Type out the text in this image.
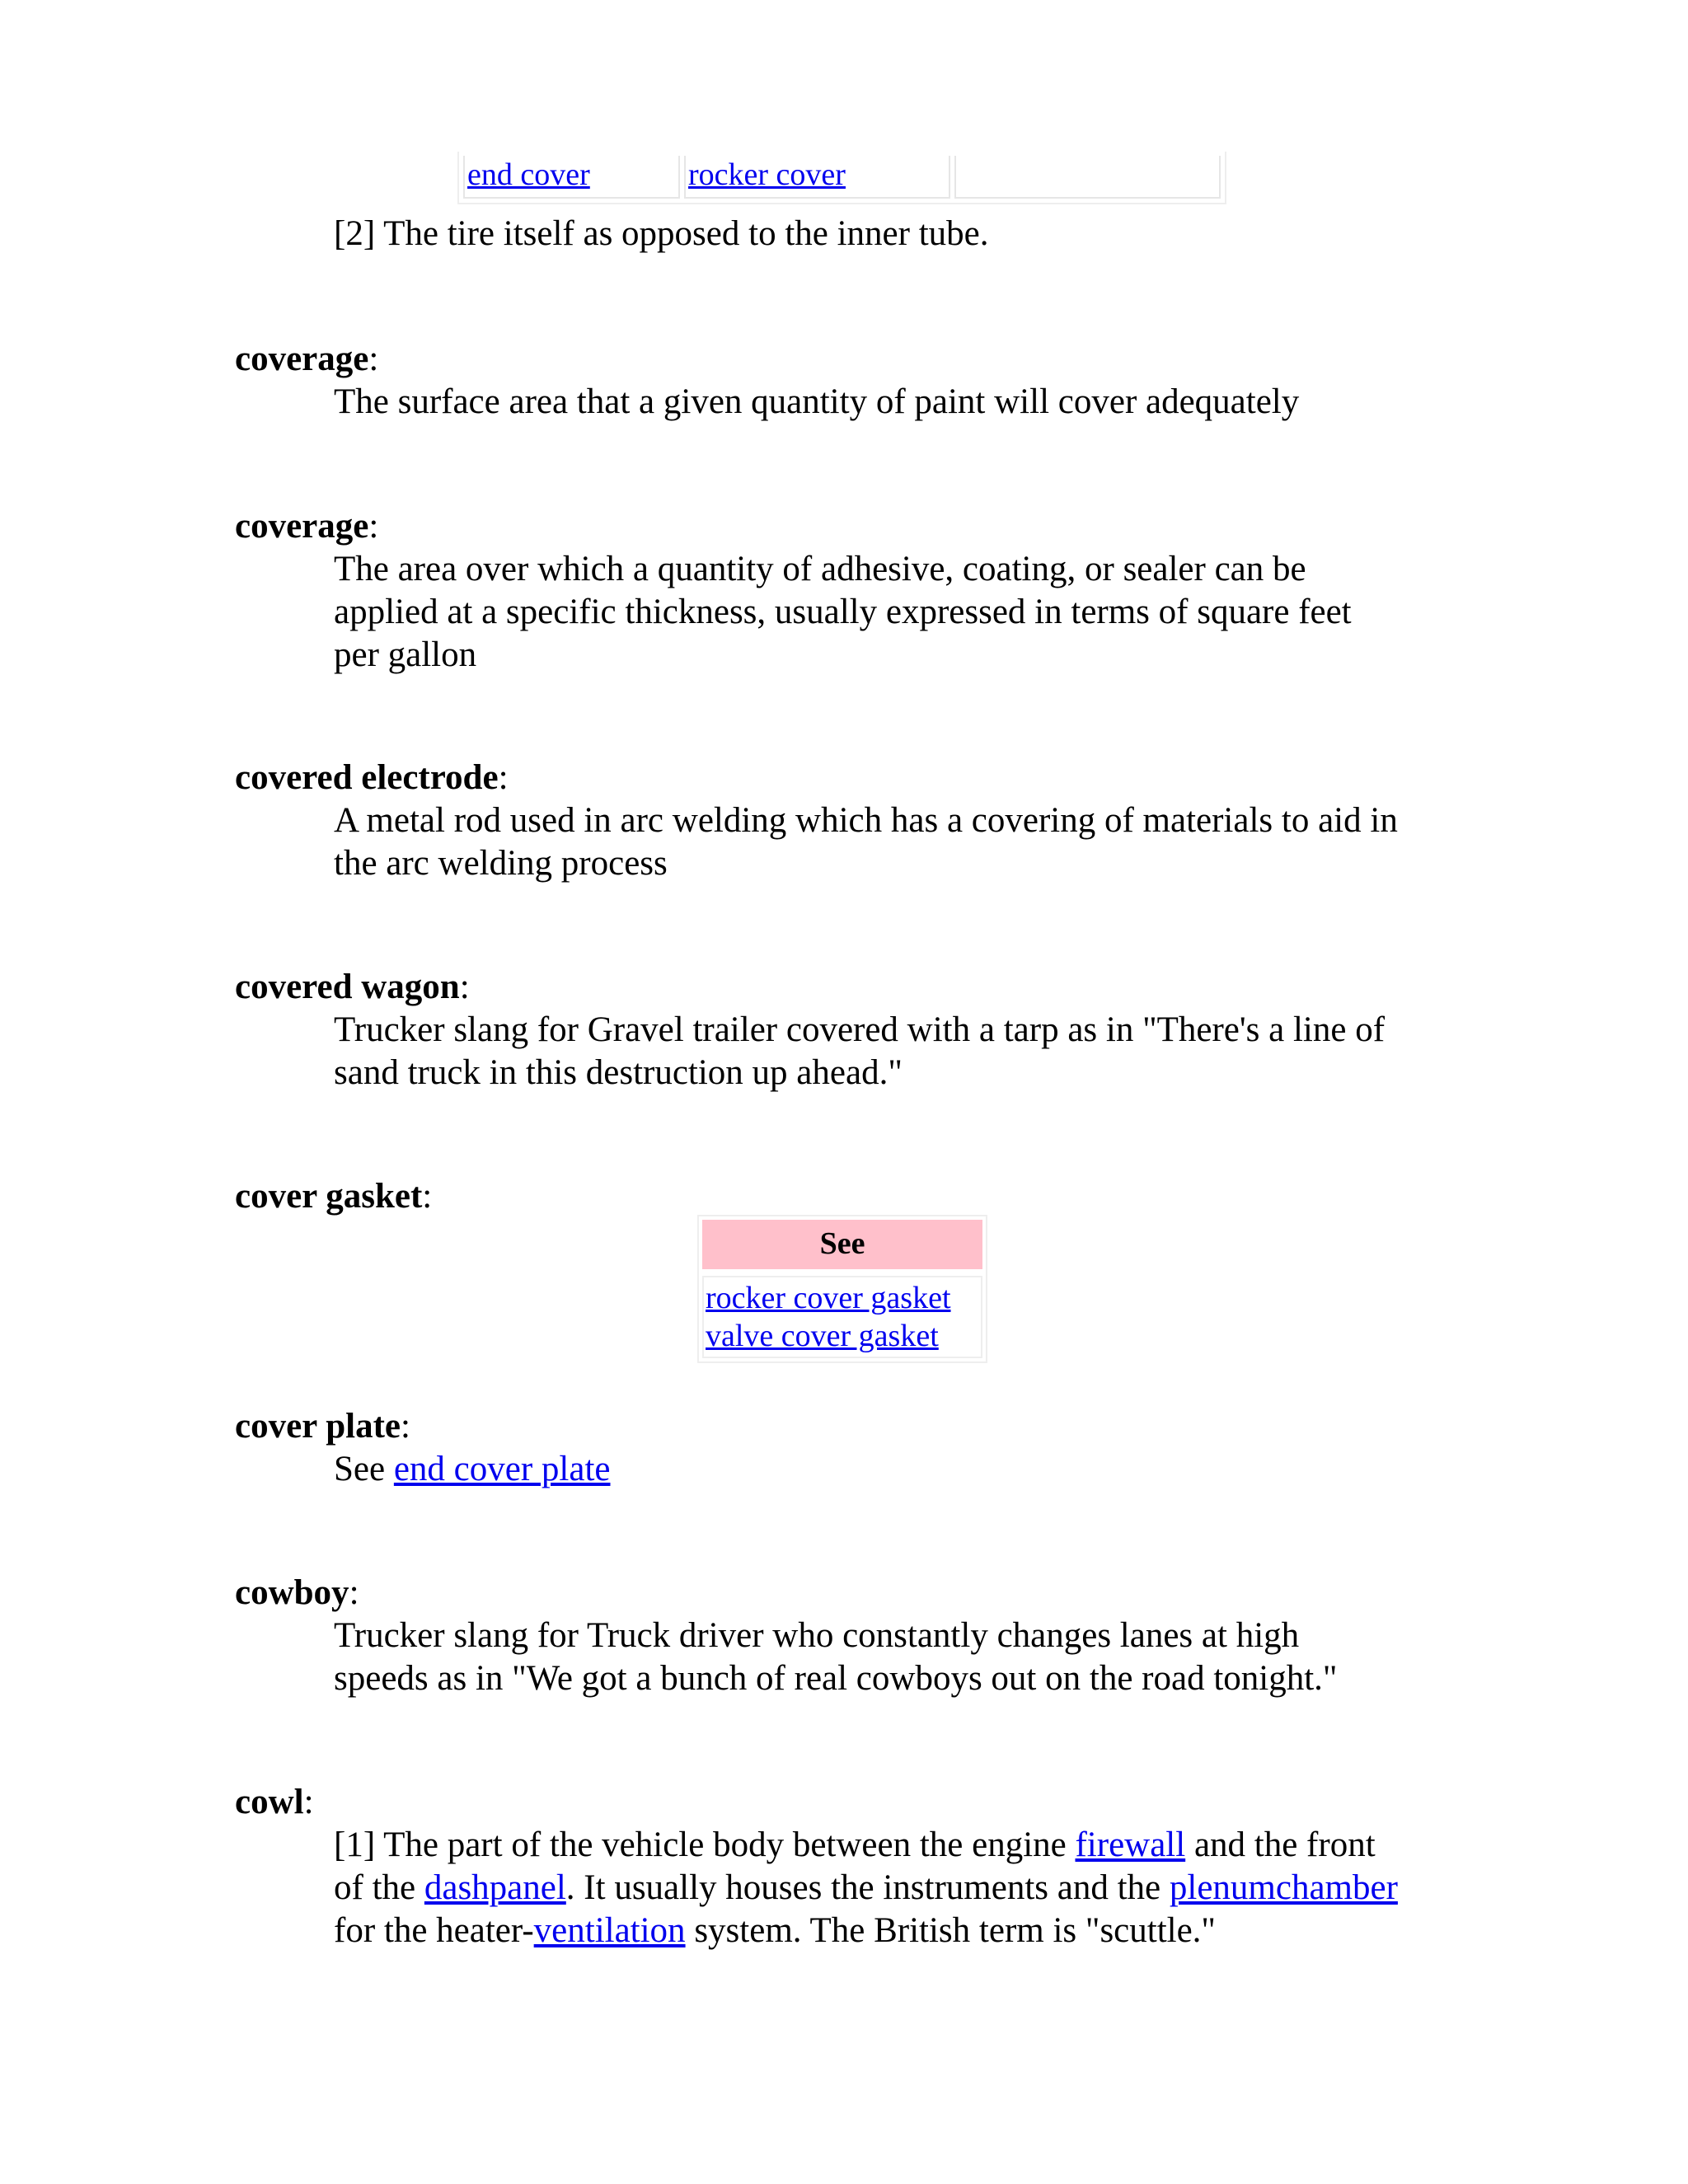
end cover	rocker cover	
[2] The tire itself as opposed to the inner tube.
coverage:
The surface area that a given quantity of paint will cover adequately
coverage:
The area over which a quantity of adhesive, coating, or sealer can be
applied at a specific thickness, usually expressed in terms of square feet
per gallon
covered electrode:
A metal rod used in arc welding which has a covering of materials to aid in
the arc welding process
covered wagon:
Trucker slang for Gravel trailer covered with a tarp as in "There's a line of
sand truck in this destruction up ahead."
cover gasket:
See
rocker cover gasket
valve cover gasket
cover plate:
See end cover plate
cowboy:
Trucker slang for Truck driver who constantly changes lanes at high
speeds as in "We got a bunch of real cowboys out on the road tonight."
cowl:
[1] The part of the vehicle body between the engine firewall and the front
of the dashpanel. It usually houses the instruments and the plenumchamber
for the heater-ventilation system. The British term is "scuttle."
